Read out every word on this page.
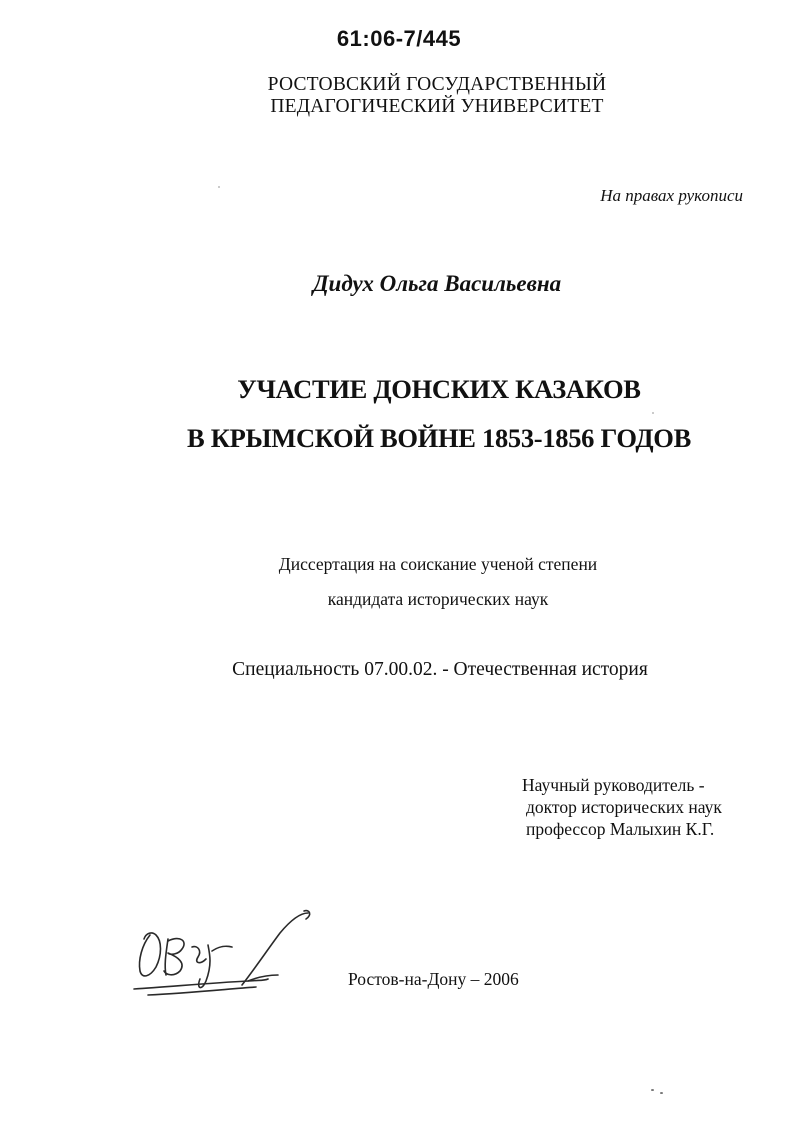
61:06-7/445
РОСТОВСКИЙ ГОСУДАРСТВЕННЫЙ
ПЕДАГОГИЧЕСКИЙ УНИВЕРСИТЕТ
На правах рукописи
Дидух Ольга Васильевна
УЧАСТИЕ ДОНСКИХ КАЗАКОВ
В КРЫМСКОЙ ВОЙНЕ 1853-1856 ГОДОВ
Диссертация на соискание ученой степени
кандидата исторических наук
Специальность 07.00.02. - Отечественная история
Научный руководитель -
доктор исторических наук
профессор Малыхин К.Г.
Ростов-на-Дону – 2006
